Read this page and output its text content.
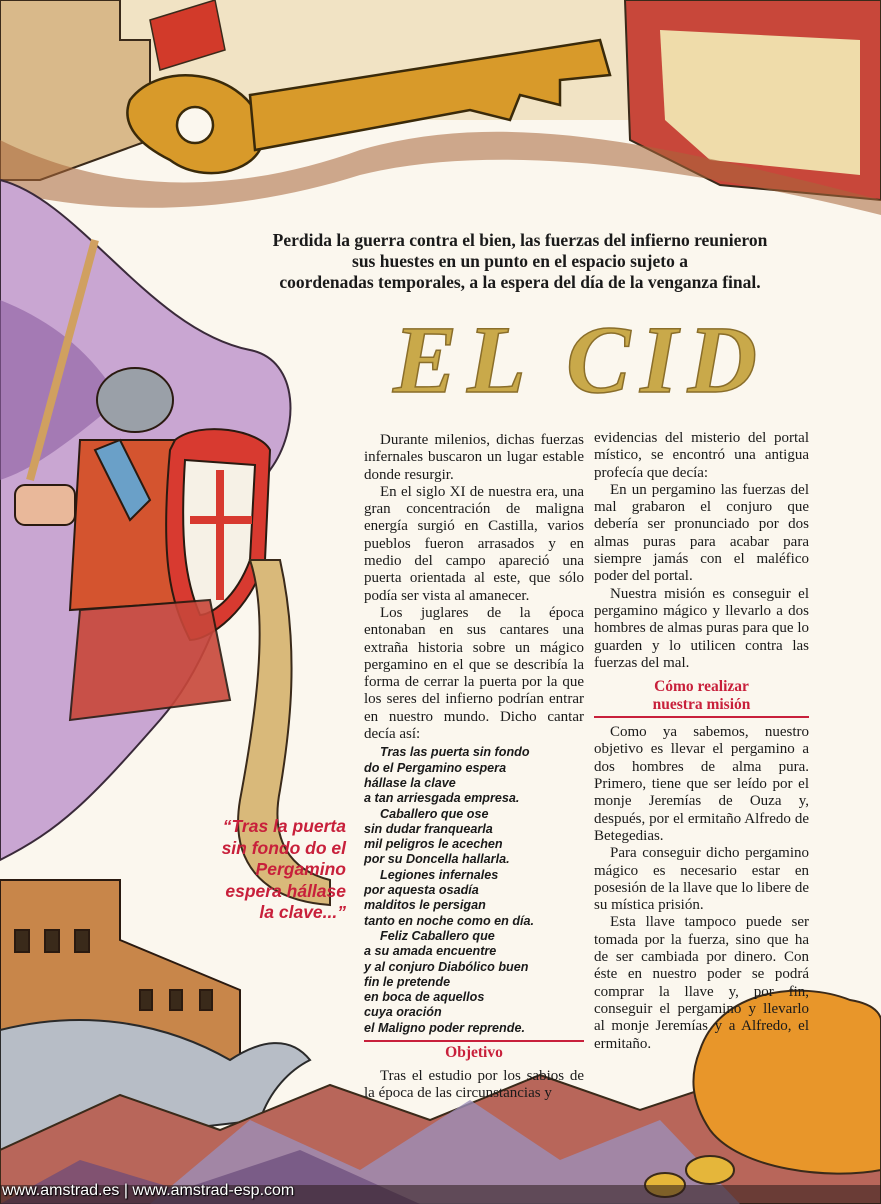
Perdida la guerra contra el bien, las fuerzas del infierno reunieron

sus huestes en un punto en el espacio sujeto a

coordenadas temporales, a la espera del día de la venganza final.

EL CID

Durante milenios, dichas fuerzas infernales buscaron un lugar estable donde resurgir.

En el siglo XI de nuestra era, una gran concentración de maligna energía surgió en Castilla, varios pueblos fueron arrasados y en medio del campo apareció una puerta orientada al este, que sólo podía ser vista al amanecer.

Los juglares de la época entonaban en sus cantares una extraña historia sobre un mágico pergamino en el que se describía la forma de cerrar la puerta por la que los seres del infierno podrían entrar en nuestro mundo. Dicho cantar decía así:

Tras las puerta sin fondo
do el Pergamino espera
hállase la clave
a tan arriesgada empresa.
Caballero que ose
sin dudar franquearla
mil peligros le acechen
por su Doncella hallarla.
Legiones infernales
por aquesta osadía
malditos le persigan
tanto en noche como en día.
Feliz Caballero que
a su amada encuentre
y al conjuro Diabólico buen
fin le pretende
en boca de aquellos
cuya oración
el Maligno poder reprende.
Objetivo

Tras el estudio por los sabios de la época de las circunstancias y

evidencias del misterio del portal místico, se encontró una antigua profecía que decía:

En un pergamino las fuerzas del mal grabaron el conjuro que debería ser pronunciado por dos almas puras para acabar para siempre jamás con el maléfico poder del portal.

Nuestra misión es conseguir el pergamino mágico y llevarlo a dos hombres de almas puras para que lo guarden y lo utilicen contra las fuerzas del mal.

Cómo realizar
nuestra misión

Como ya sabemos, nuestro objetivo es llevar el pergamino a dos hombres de alma pura. Primero, tiene que ser leído por el monje Jeremías de Ouza y, después, por el ermitaño Alfredo de Betegedias.

Para conseguir dicho pergamino mágico es necesario estar en posesión de la llave que lo libere de su mística prisión.

Esta llave tampoco puede ser tomada por la fuerza, sino que ha de ser cambiada por dinero. Con éste en nuestro poder se podrá comprar la llave y, por fin, conseguir el pergamino y llevarlo al monje Jeremías y a Alfredo, el ermitaño.

“Tras la puerta
sin fondo do el
Pergamino
espera hállase
la clave...”
www.amstrad.es | www.amstrad-esp.com
